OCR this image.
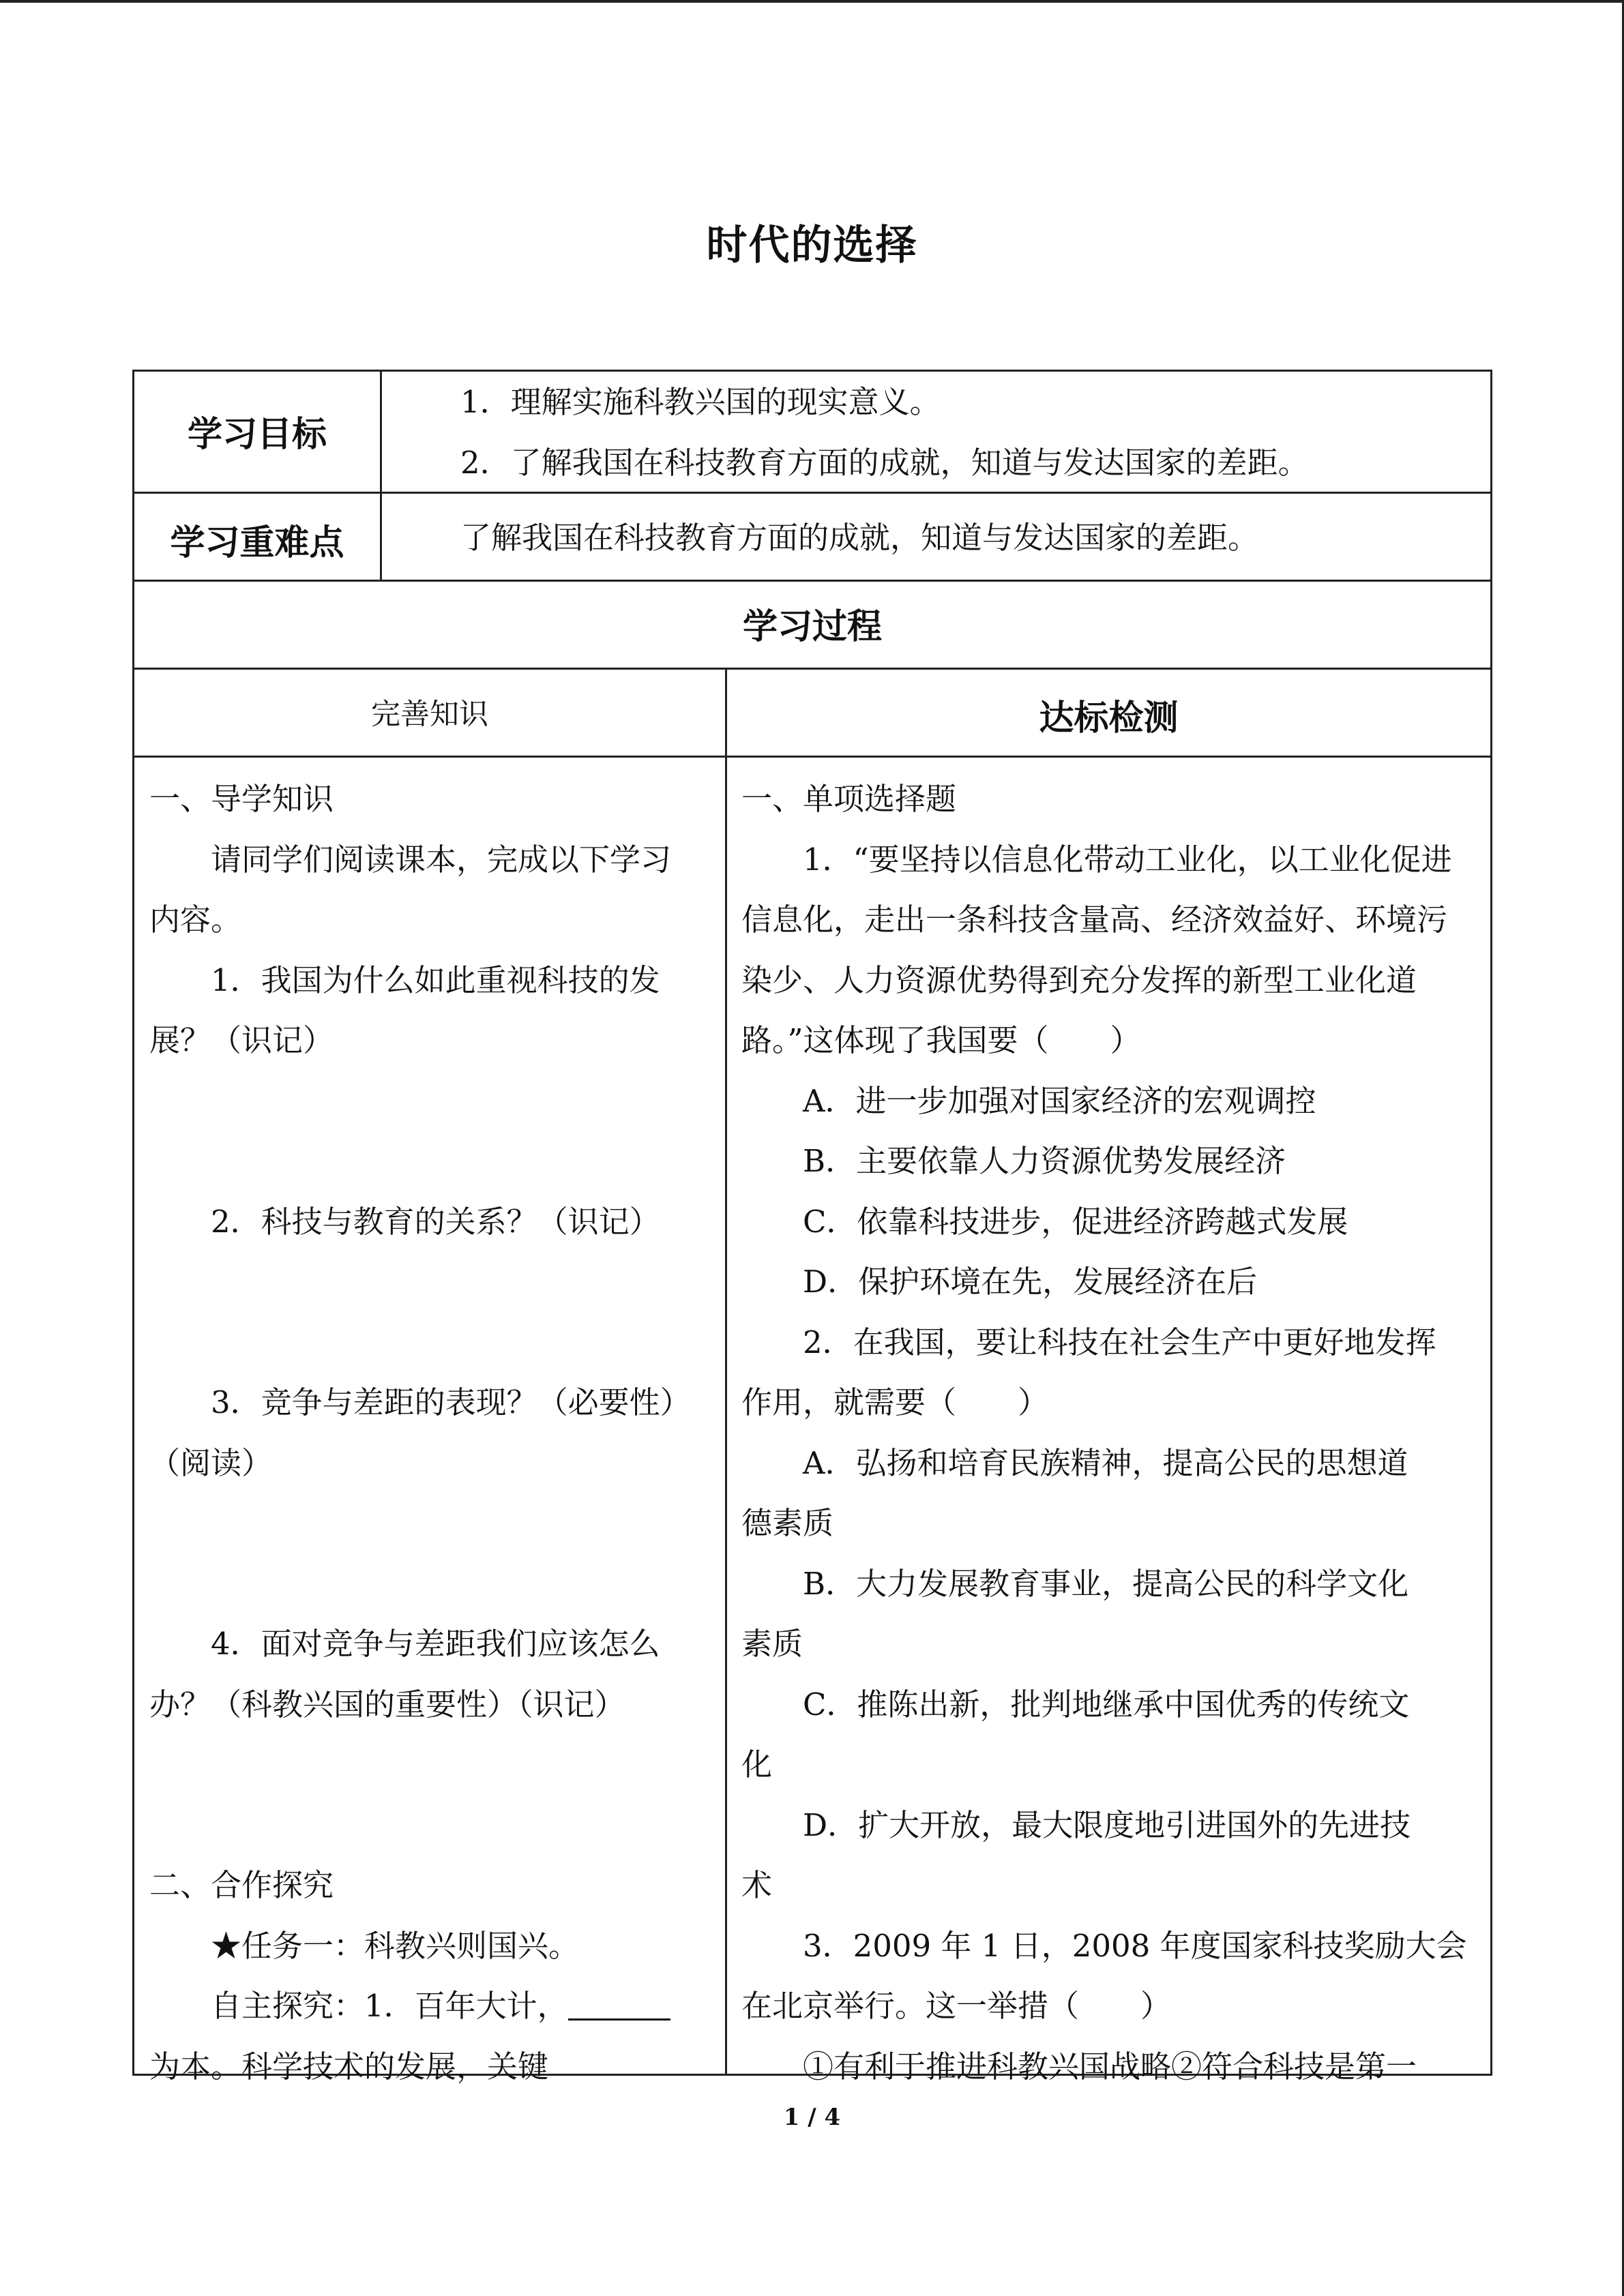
时代的选择
学习目标

1．理解实施科教兴国的现实意义。

2．了解我国在科技教育方面的成就，知道与发达国家的差距。

学习重难点	了解我国在科技教育方面的成就，知道与发达国家的差距。
学习过程
完善知识	达标检测

一、导学知识

请同学们阅读课本，完成以下学习

内容。

1．我国为什么如此重视科技的发

展？（识记）

2．科技与教育的关系？（识记）

3．竞争与差距的表现？（必要性）

（阅读）

4．面对竞争与差距我们应该怎么

办？（科教兴国的重要性）（识记）

二、合作探究

★任务一：科教兴则国兴。

自主探究：1．百年大计，

为本。科学技术的发展，关键

一、单项选择题

1．“要坚持以信息化带动工业化，以工业化促进

信息化，走出一条科技含量高、经济效益好、环境污

染少、人力资源优势得到充分发挥的新型工业化道

路。”这体现了我国要（　　）

A．进一步加强对国家经济的宏观调控

B．主要依靠人力资源优势发展经济

C．依靠科技进步，促进经济跨越式发展

D．保护环境在先，发展经济在后

2．在我国，要让科技在社会生产中更好地发挥

作用，就需要（　　）

A．弘扬和培育民族精神，提高公民的思想道

德素质

B．大力发展教育事业，提高公民的科学文化

素质

C．推陈出新，批判地继承中国优秀的传统文

化

D．扩大开放，最大限度地引进国外的先进技

术

3．2009 年 1 日，2008 年度国家科技奖励大会

在北京举行。这一举措（　　）

①有利于推进科教兴国战略②符合科技是第一

1 / 4
